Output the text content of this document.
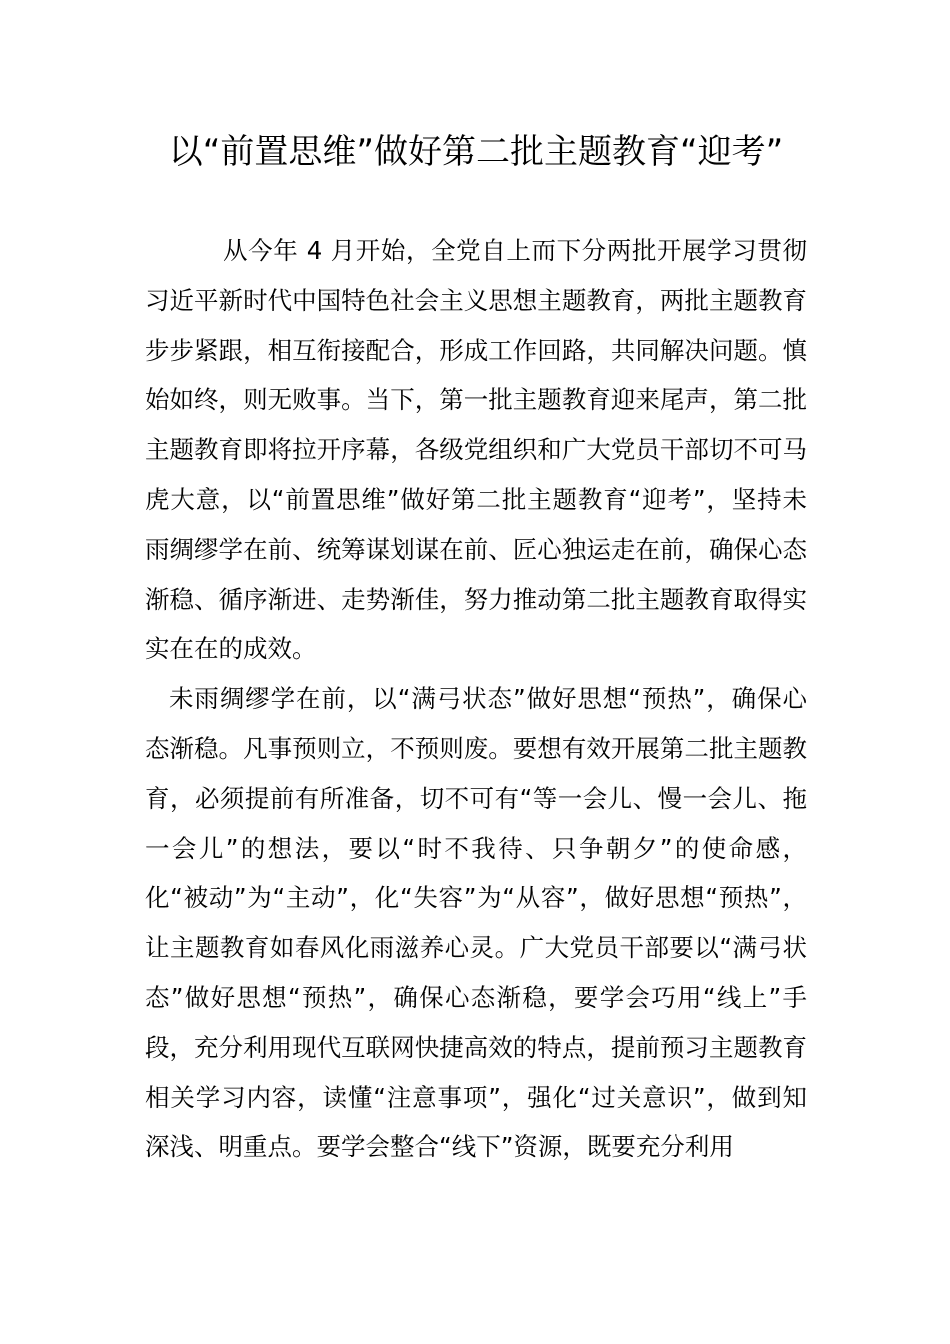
以“前置思维”做好第二批主题教育“迎考”

从今年 4 月开始，全党自上而下分两批开展学习贯彻习近平新时代中国特色社会主义思想主题教育，两批主题教育步步紧跟，相互衔接配合，形成工作回路，共同解决问题。慎始如终，则无败事。当下，第一批主题教育迎来尾声，第二批主题教育即将拉开序幕，各级党组织和广大党员干部切不可马虎大意，以“前置思维”做好第二批主题教育“迎考”，坚持未雨绸缪学在前、统筹谋划谋在前、匠心独运走在前，确保心态渐稳、循序渐进、走势渐佳，努力推动第二批主题教育取得实实在在的成效。

未雨绸缪学在前，以“满弓状态”做好思想“预热”，确保心态渐稳。凡事预则立，不预则废。要想有效开展第二批主题教育，必须提前有所准备，切不可有“等一会儿、慢一会儿、拖一会儿”的想法，要以“时不我待、只争朝夕”的使命感，化“被动”为“主动”，化“失容”为“从容”，做好思想“预热”，让主题教育如春风化雨滋养心灵。广大党员干部要以“满弓状态”做好思想“预热”，确保心态渐稳，要学会巧用“线上”手段，充分利用现代互联网快捷高效的特点，提前预习主题教育相关学习内容，读懂“注意事项”，强化“过关意识”，做到知深浅、明重点。要学会整合“线下”资源，既要充分利用
